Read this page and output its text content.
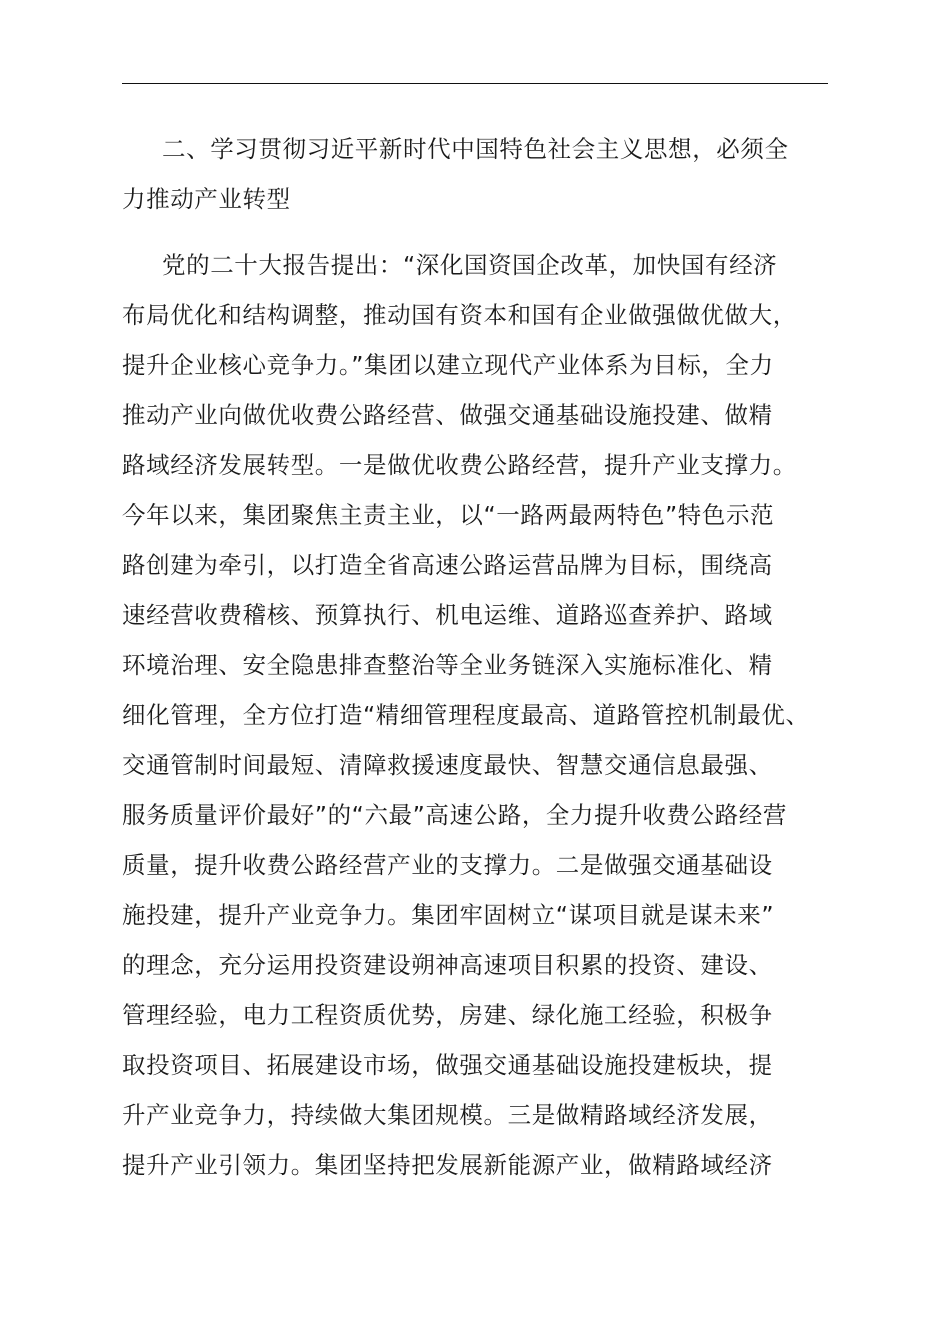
二、学习贯彻习近平新时代中国特色社会主义思想，必须全
力推动产业转型
党的二十大报告提出：“深化国资国企改革，加快国有经济
布局优化和结构调整，推动国有资本和国有企业做强做优做大，
提升企业核心竞争力。”集团以建立现代产业体系为目标，全力
推动产业向做优收费公路经营、做强交通基础设施投建、做精
路域经济发展转型。一是做优收费公路经营，提升产业支撑力。
今年以来，集团聚焦主责主业，以“一路两最两特色”特色示范
路创建为牵引，以打造全省高速公路运营品牌为目标，围绕高
速经营收费稽核、预算执行、机电运维、道路巡查养护、路域
环境治理、安全隐患排查整治等全业务链深入实施标准化、精
细化管理，全方位打造“精细管理程度最高、道路管控机制最优、
交通管制时间最短、清障救援速度最快、智慧交通信息最强、
服务质量评价最好”的“六最”高速公路，全力提升收费公路经营
质量，提升收费公路经营产业的支撑力。二是做强交通基础设
施投建，提升产业竞争力。集团牢固树立“谋项目就是谋未来”
的理念，充分运用投资建设朔神高速项目积累的投资、建设、
管理经验，电力工程资质优势，房建、绿化施工经验，积极争
取投资项目、拓展建设市场，做强交通基础设施投建板块，提
升产业竞争力，持续做大集团规模。三是做精路域经济发展，
提升产业引领力。集团坚持把发展新能源产业，做精路域经济
